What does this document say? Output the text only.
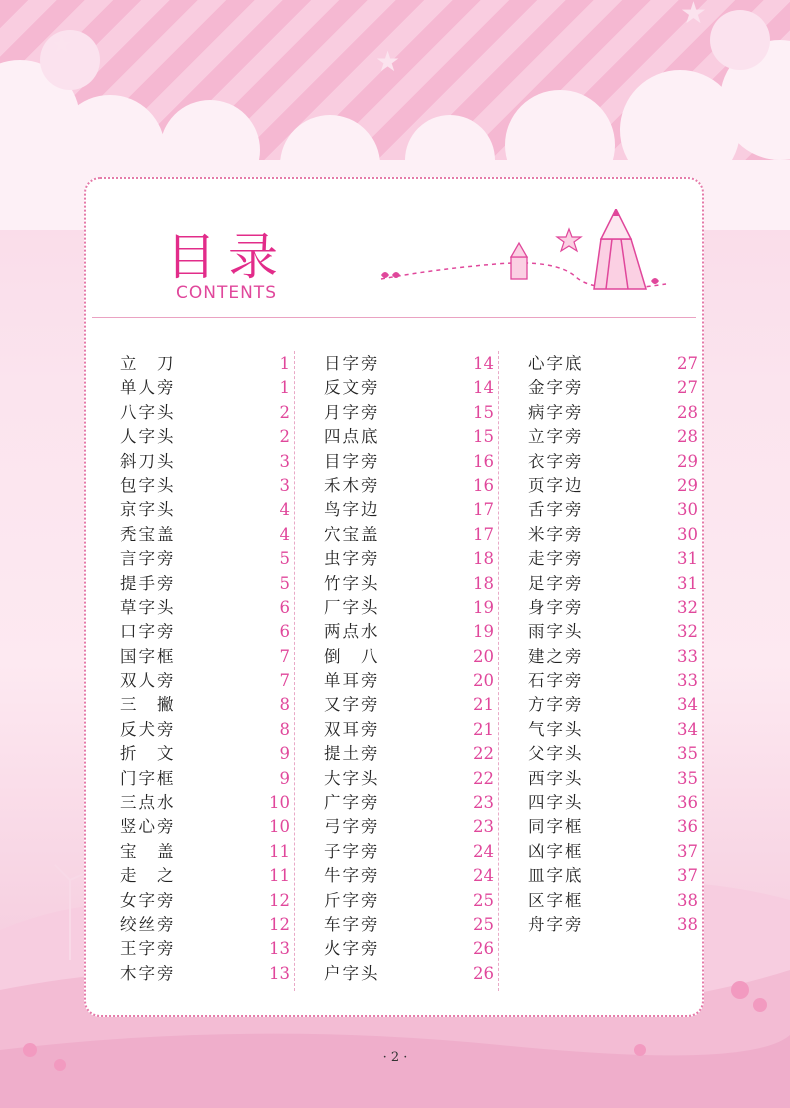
★	★
★
目录
CONTENTS
立　刀	1
单人旁	1
八字头	2
人字头	2
斜刀头	3
包字头	3
京字头	4
秃宝盖	4
言字旁	5
提手旁	5
草字头	6
口字旁	6
国字框	7
双人旁	7
三　撇	8
反犬旁	8
折　文	9
门字框	9
三点水	10
竖心旁	10
宝　盖	11
走　之	11
女字旁	12
绞丝旁	12
王字旁	13
木字旁	13
日字旁	14
反文旁	14
月字旁	15
四点底	15
目字旁	16
禾木旁	16
鸟字边	17
穴宝盖	17
虫字旁	18
竹字头	18
厂字头	19
两点水	19
倒　八	20
单耳旁	20
又字旁	21
双耳旁	21
提土旁	22
大字头	22
广字旁	23
弓字旁	23
子字旁	24
牛字旁	24
斤字旁	25
车字旁	25
火字旁	26
户字头	26
心字底	27
金字旁	27
病字旁	28
立字旁	28
衣字旁	29
页字边	29
舌字旁	30
米字旁	30
走字旁	31
足字旁	31
身字旁	32
雨字头	32
建之旁	33
石字旁	33
方字旁	34
气字头	34
父字头	35
西字头	35
四字头	36
同字框	36
凶字框	37
皿字底	37
区字框	38
舟字旁	38
· 2 ·
